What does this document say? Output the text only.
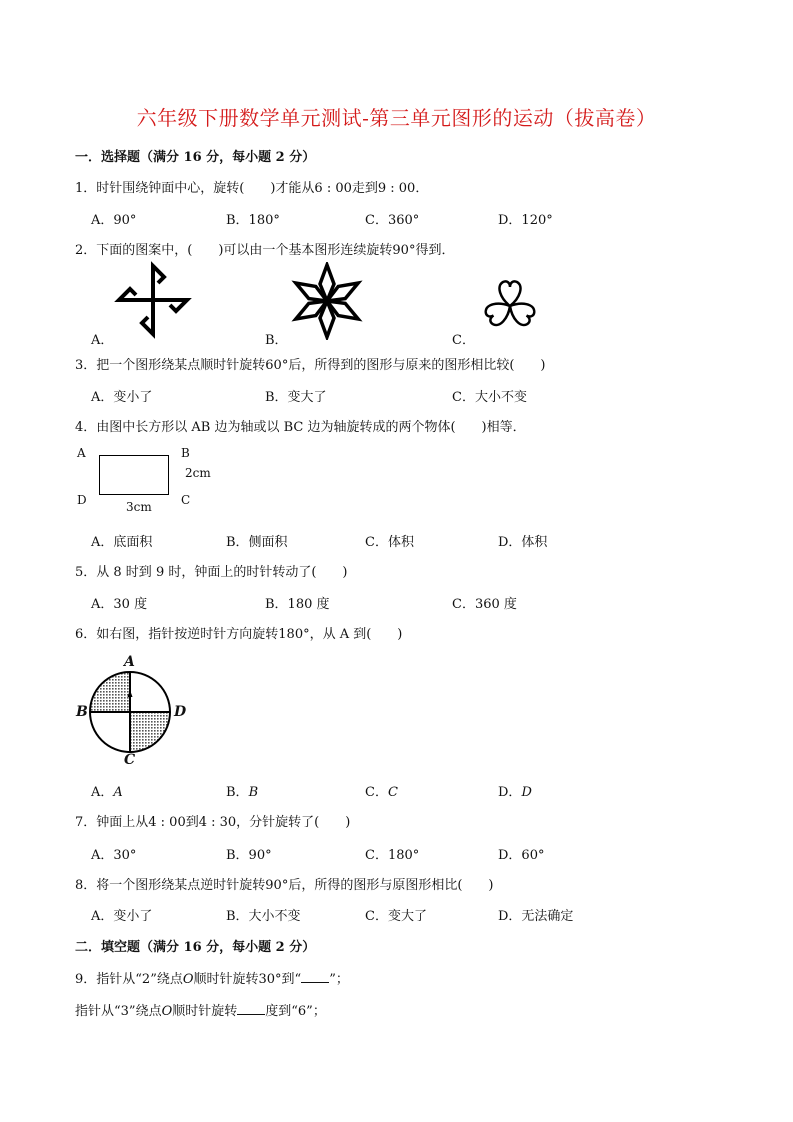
六年级下册数学单元测试-第三单元图形的运动（拔高卷）
一．选择题（满分 16 分，每小题 2 分）
1．时针围绕钟面中心，旋转(　　)才能从6 : 00走到9 : 00．
A．90°	B．180°	C．360°	D．120°
2．下面的图案中，(　　)可以由一个基本图形连续旋转90°得到．
A．	B．	C．
3．把一个图形绕某点顺时针旋转60°后，所得到的图形与原来的图形相比较(　　)
A．变小了	B．变大了	C．大小不变
4．由图中长方形以 AB 边为轴或以 BC 边为轴旋转成的两个物体(　　)相等．
A	B
2cm
D	C
3cm
A．底面积	B．侧面积	C．体积	D．体积
5．从 8 时到 9 时，钟面上的时针转动了(　　)
A．30 度	B．180 度	C．360 度
6．如右图，指针按逆时针方向旋转180°，从 A 到(　　)
A
B	D
C
A．A	B．B	C．C	D．D
7．钟面上从4 : 00到4 : 30，分针旋转了(　　)
A．30°	B．90°	C．180°	D．60°
8．将一个图形绕某点逆时针旋转90°后，所得的图形与原图形相比(　　)
A．变小了	B．大小不变	C．变大了	D．无法确定
二．填空题（满分 16 分，每小题 2 分）
9．指针从“2”绕点O顺时针旋转30°到“ ”；
指针从“3”绕点O顺时针旋转 度到“6”；
